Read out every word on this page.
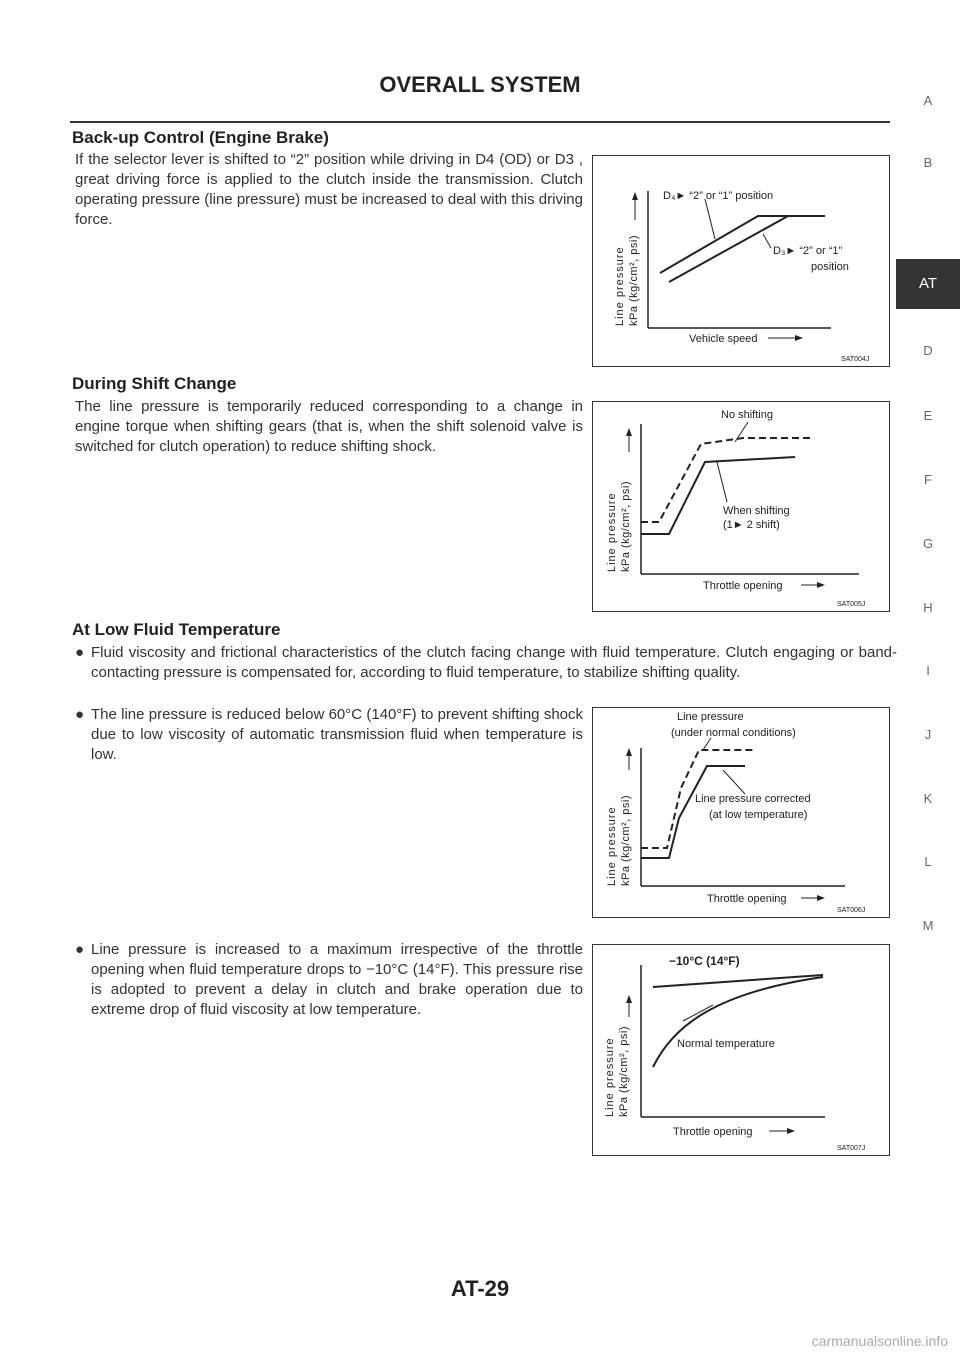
OVERALL SYSTEM
Back-up Control (Engine Brake)
If the selector lever is shifted to “2” position while driving in D4 (OD) or D3 , great driving force is applied to the clutch inside the transmission. Clutch operating pressure (line pressure) must be increased to deal with this driving force.
Line pressure kPa (kg/cm², psi)
Vehicle speed
D₄► “2” or “1” position
D₃► “2” or “1”
position
SAT004J
During Shift Change
The line pressure is temporarily reduced corresponding to a change in engine torque when shifting gears (that is, when the shift solenoid valve is switched for clutch operation) to reduce shifting shock.
Line pressure kPa (kg/cm², psi)
Throttle opening
No shifting
When shifting
(1► 2 shift)
SAT005J
At Low Fluid Temperature
● Fluid viscosity and frictional characteristics of the clutch facing change with fluid temperature. Clutch engaging or band-contacting pressure is compensated for, according to fluid temperature, to stabilize shifting quality.
● The line pressure is reduced below 60°C (140°F) to prevent shifting shock due to low viscosity of automatic transmission fluid when temperature is low.
Line pressure kPa (kg/cm², psi)
Throttle opening
Line pressure
(under normal conditions)
Line pressure corrected
(at low temperature)
SAT006J
● Line pressure is increased to a maximum irrespective of the throttle opening when fluid temperature drops to −10°C (14°F). This pressure rise is adopted to prevent a delay in clutch and brake operation due to extreme drop of fluid viscosity at low temperature.
Line pressure kPa (kg/cm², psi)
Throttle opening
−10°C (14°F)
Normal temperature
SAT007J
A
B
D
E
F
G
H
I
J
K
L
M
AT
AT-29
carmanualsonline.info
